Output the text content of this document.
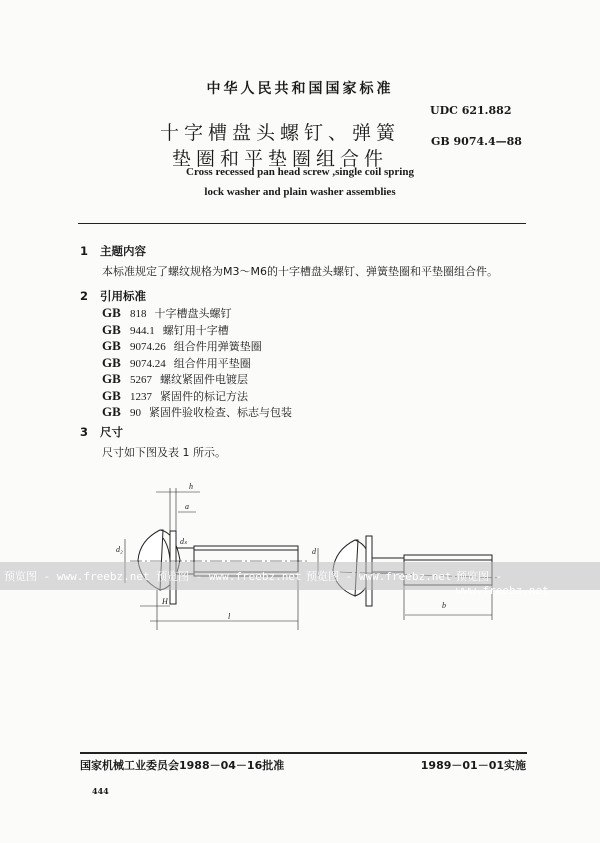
中华人民共和国国家标准
UDC 621.882
十字槽盘头螺钉、弹簧
垫圈和平垫圈组合件
GB 9074.4—88
Cross recessed pan head screw ,single coil spring
lock washer and plain washer assemblies
1 主题内容
本标准规定了螺纹规格为M3～M6的十字槽盘头螺钉、弹簧垫圈和平垫圈组合件。
2 引用标准
GB 818 十字槽盘头螺钉
GB 944.1 螺钉用十字槽
GB 9074.26 组合件用弹簧垫圈
GB 9074.24 组合件用平垫圈
GB 5267 螺纹紧固件电镀层
GB 1237 紧固件的标记方法
GB 90 紧固件验收检查、标志与包装
3 尺寸
尺寸如下图及表 1 所示。
h
a
d₂
dₛ
d
H
l
b
预览图 - www.freebz.net 预览图 - www.freebz.net 预览图 - www.freebz.net 预览图 - www.freebz.net
国家机械工业委员会1988－04－16批准	1989－01－01实施
444
